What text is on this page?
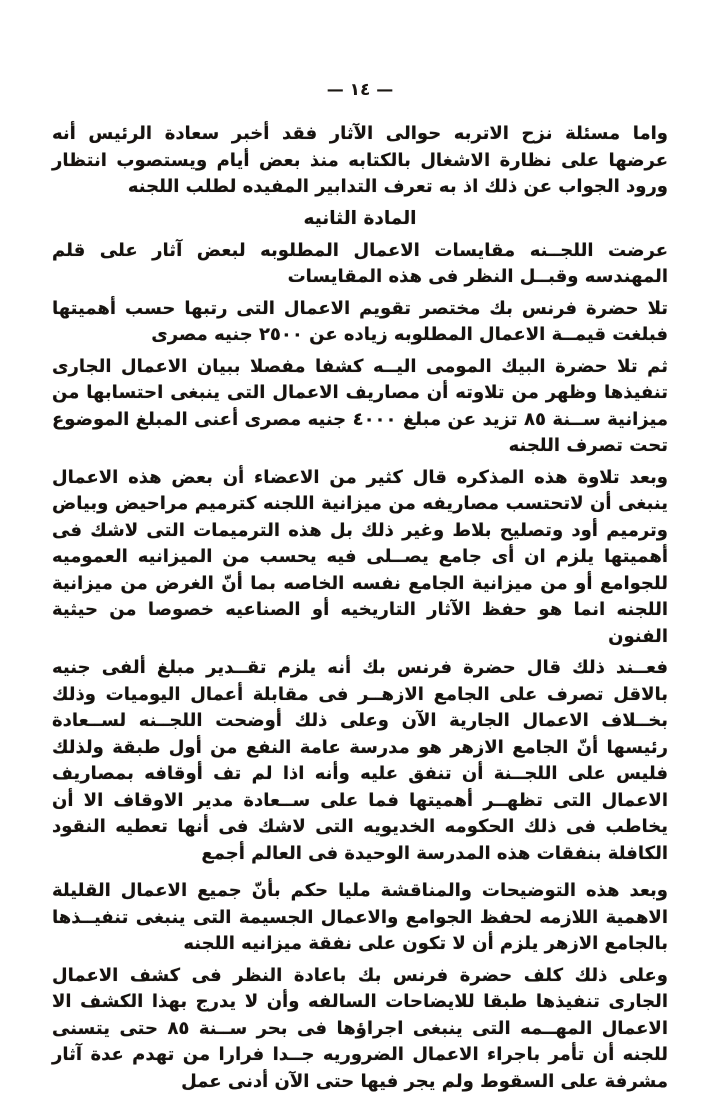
— ١٤ —

واما مسئلة نزح الاتربه حوالى الآثار فقد أخبر سعادة الرئيس أنه عرضها على نظارة الاشغال بالكتابه منذ بعض أيام ويستصوب انتظار ورود الجواب عن ذلك اذ به تعرف التدابير المفيده لطلب اللجنه

المادة الثانيه

عرضت اللجــنه مقايسات الاعمال المطلوبه لبعض آثار على قلم المهندسه وقبــل النظر فى هذه المقايسات

تلا حضرة فرنس بك مختصر تقويم الاعمال التى رتبها حسب أهميتها فبلغت قيمــة الاعمال المطلوبه زياده عن ٢٥٠٠ جنيه مصرى

ثم تلا حضرة البيك المومى اليــه كشفا مفصلا ببيان الاعمال الجارى تنفيذها وظهر من تلاوته أن مصاريف الاعمال التى ينبغى احتسابها من ميزانية ســنة ٨٥ تزيد عن مبلغ ٤٠٠٠ جنيه مصرى أعنى المبلغ الموضوع تحت تصرف اللجنه

وبعد تلاوة هذه المذكره قال كثير من الاعضاء أن بعض هذه الاعمال ينبغى أن لاتحتسب مصاريفه من ميزانية اللجنه كترميم مراحيض وبياض وترميم أود وتصليح بلاط وغير ذلك بل هذه الترميمات التى لاشك فى أهميتها يلزم ان أى جامع يصــلى فيه يحسب من الميزانيه العموميه للجوامع أو من ميزانية الجامع نفسه الخاصه بما أنّ الغرض من ميزانية اللجنه انما هو حفظ الآثار التاريخيه أو الصناعيه خصوصا من حيثية الفنون

فعــند ذلك قال حضرة فرنس بك أنه يلزم تقــدير مبلغ ألفى جنيه بالاقل تصرف على الجامع الازهــر فى مقابلة أعمال اليوميات وذلك بخــلاف الاعمال الجارية الآن وعلى ذلك أوضحت اللجــنه لســعادة رئيسها أنّ الجامع الازهر هو مدرسة عامة النفع من أول طبقة ولذلك فليس على اللجــنة أن تنفق عليه وأنه اذا لم تف أوقافه بمصاريف الاعمال التى تظهــر أهميتها فما على ســعادة مدير الاوقاف الا أن يخاطب فى ذلك الحكومه الخديويه التى لاشك فى أنها تعطيه النقود الكافلة بنفقات هذه المدرسة الوحيدة فى العالم أجمع

وبعد هذه التوضيحات والمناقشة مليا حكم بأنّ جميع الاعمال القليلة الاهمية اللازمه لحفظ الجوامع والاعمال الجسيمة التى ينبغى تنفيــذها بالجامع الازهر يلزم أن لا تكون على نفقة ميزانيه اللجنه

وعلى ذلك كلف حضرة فرنس بك باعادة النظر فى كشف الاعمال الجارى تنفيذها طبقا للايضاحات السالفه وأن لا يدرج بهذا الكشف الا الاعمال المهــمه التى ينبغى اجراؤها فى بحر ســنة ٨٥ حتى يتسنى للجنه أن تأمر باجراء الاعمال الضروريه جــدا فرارا من تهدم عدة آثار مشرفة على السقوط ولم يجر فيها حتى الآن أدنى عمل
